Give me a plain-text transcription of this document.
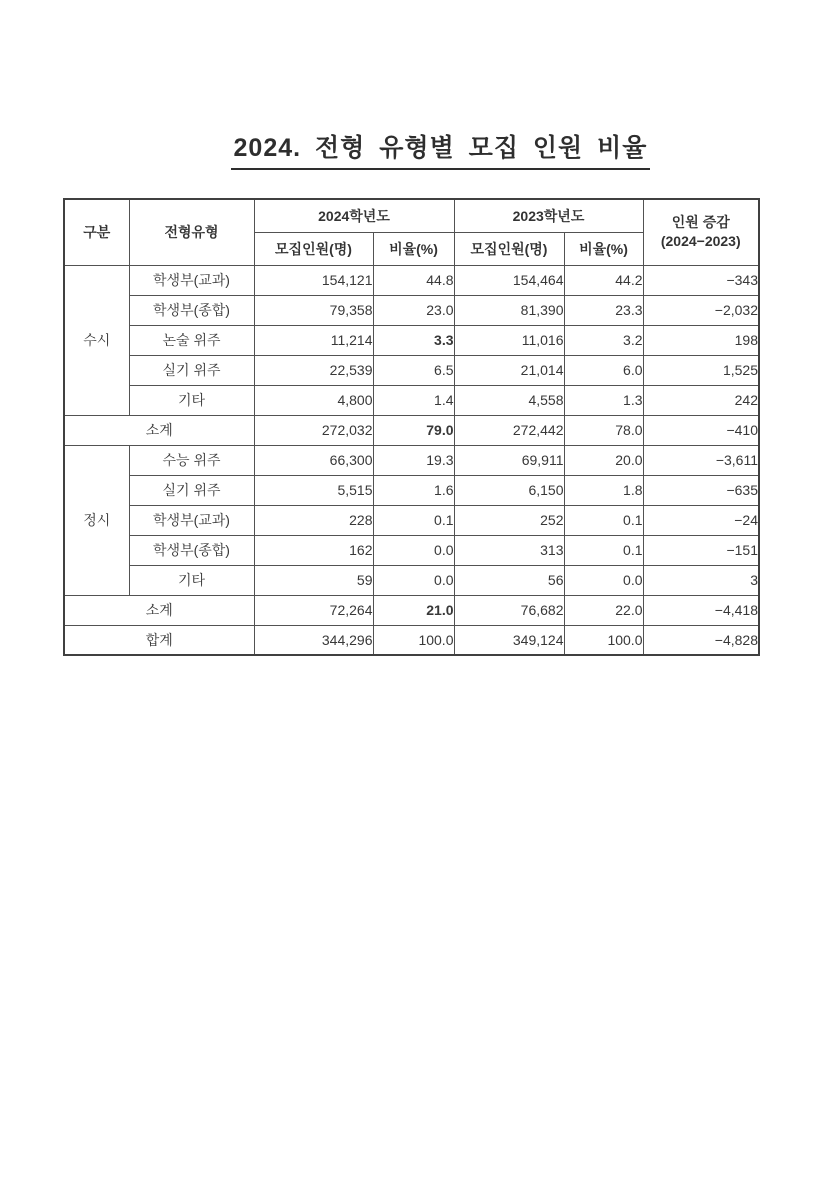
2024. 전형 유형별 모집 인원 비율
구분	전형유형	2024학년도		2023학년도		인원 증감
(2024−2023)

		모집인원(명)	비율(%)	모집인원(명)	비율(%)	
수시	학생부(교과)	154,121	44.8	154,464	44.2	−343
	학생부(종합)	79,358	23.0	81,390	23.3	−2,032
	논술 위주	11,214	3.3	11,016	3.2	198
	실기 위주	22,539	6.5	21,014	6.0	1,525
	기타	4,800	1.4	4,558	1.3	242
소계		272,032	79.0	272,442	78.0	−410
정시	수능 위주	66,300	19.3	69,911	20.0	−3,611
	실기 위주	5,515	1.6	6,150	1.8	−635
	학생부(교과)	228	0.1	252	0.1	−24
	학생부(종합)	162	0.0	313	0.1	−151
	기타	59	0.0	56	0.0	3
소계		72,264	21.0	76,682	22.0	−4,418
합계		344,296	100.0	349,124	100.0	−4,828
